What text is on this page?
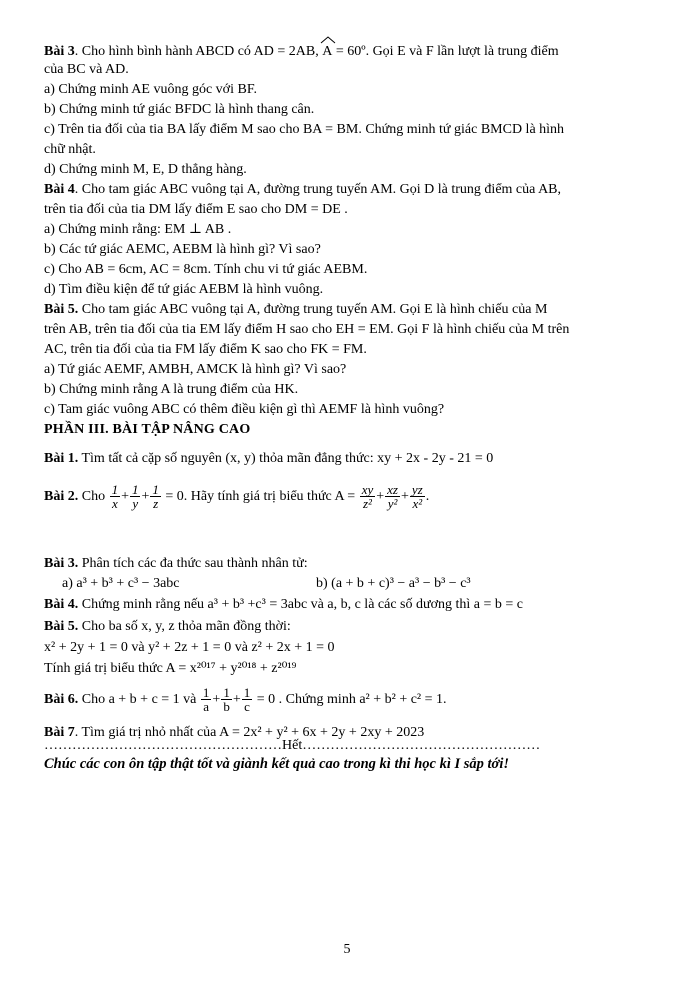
Bài 3. Cho hình bình hành ABCD có AD = 2AB,
A = 60º. Gọi E và F lần lượt là trung điểm
của BC và AD.
a) Chứng minh AE vuông góc với BF.
b) Chứng minh tứ giác BFDC là hình thang cân.
c) Trên tia đối của tia BA lấy điểm M sao cho BA = BM. Chứng minh tứ giác BMCD là hình
chữ nhật.
d) Chứng minh M, E, D thẳng hàng.
Bài 4. Cho tam giác ABC vuông tại A, đường trung tuyến AM. Gọi D là trung điểm của AB,
trên tia đối của tia DM lấy điểm E sao cho DM = DE .
a) Chứng minh rằng: EM ⊥ AB .
b) Các tứ giác AEMC, AEBM là hình gì? Vì sao?
c) Cho AB = 6cm, AC = 8cm. Tính chu vi tứ giác AEBM.
d) Tìm điều kiện để tứ giác AEBM là hình vuông.
Bài 5. Cho tam giác ABC vuông tại A, đường trung tuyến AM. Gọi E là hình chiếu của M
trên AB, trên tia đối của tia EM lấy điểm H sao cho EH = EM. Gọi F là hình chiếu của M trên
AC, trên tia đối của tia FM lấy điểm K sao cho FK = FM.
a) Tứ giác AEMF, AMBH, AMCK là hình gì? Vì sao?
b) Chứng minh rằng A là trung điểm của HK.
c) Tam giác vuông ABC có thêm điều kiện gì thì AEMF là hình vuông?
PHẦN III. BÀI TẬP NÂNG CAO
Bài 1. Tìm tất cả cặp số nguyên (x, y) thỏa mãn đẳng thức: xy + 2x - 2y - 21 = 0
Bài 2. Cho $\frac{1}{x} + \frac{1}{y} + \frac{1}{z} = 0$. Hãy tính giá trị biểu thức $A = \frac{xy}{\text{z²}} + \frac{xz}{\text{y²}} + \frac{yz}{\text{x²}}$ .
Bài 3. Phân tích các đa thức sau thành nhân tử:
a) a³ + b³ + c³ − 3abc	b) (a + b + c)³ − a³ − b³ − c³
Bài 4. Chứng minh rằng nếu a³ + b³ +c³ = 3abc và a, b, c là các số dương thì a = b = c
Bài 5. Cho ba số x, y, z thỏa mãn đồng thời:
x² + 2y + 1 = 0 và y² + 2z + 1 = 0 và z² + 2x + 1 = 0
Tính giá trị biểu thức A = x²⁰¹⁷ + y²⁰¹⁸ + z²⁰¹⁹
Bài 6. Cho a + b + c = 1 và $\frac{1}{a} + \frac{1}{b} + \frac{1}{c} = 0$ . Chứng minh a² + b² + c² = 1.
Bài 7. Tìm giá trị nhỏ nhất của A = 2x² + y² + 6x + 2y + 2xy + 2023
……………………………………………Hết……………………………………………
Chúc các con ôn tập thật tốt và giành kết quả cao trong kì thi học kì I sắp tới!
5
